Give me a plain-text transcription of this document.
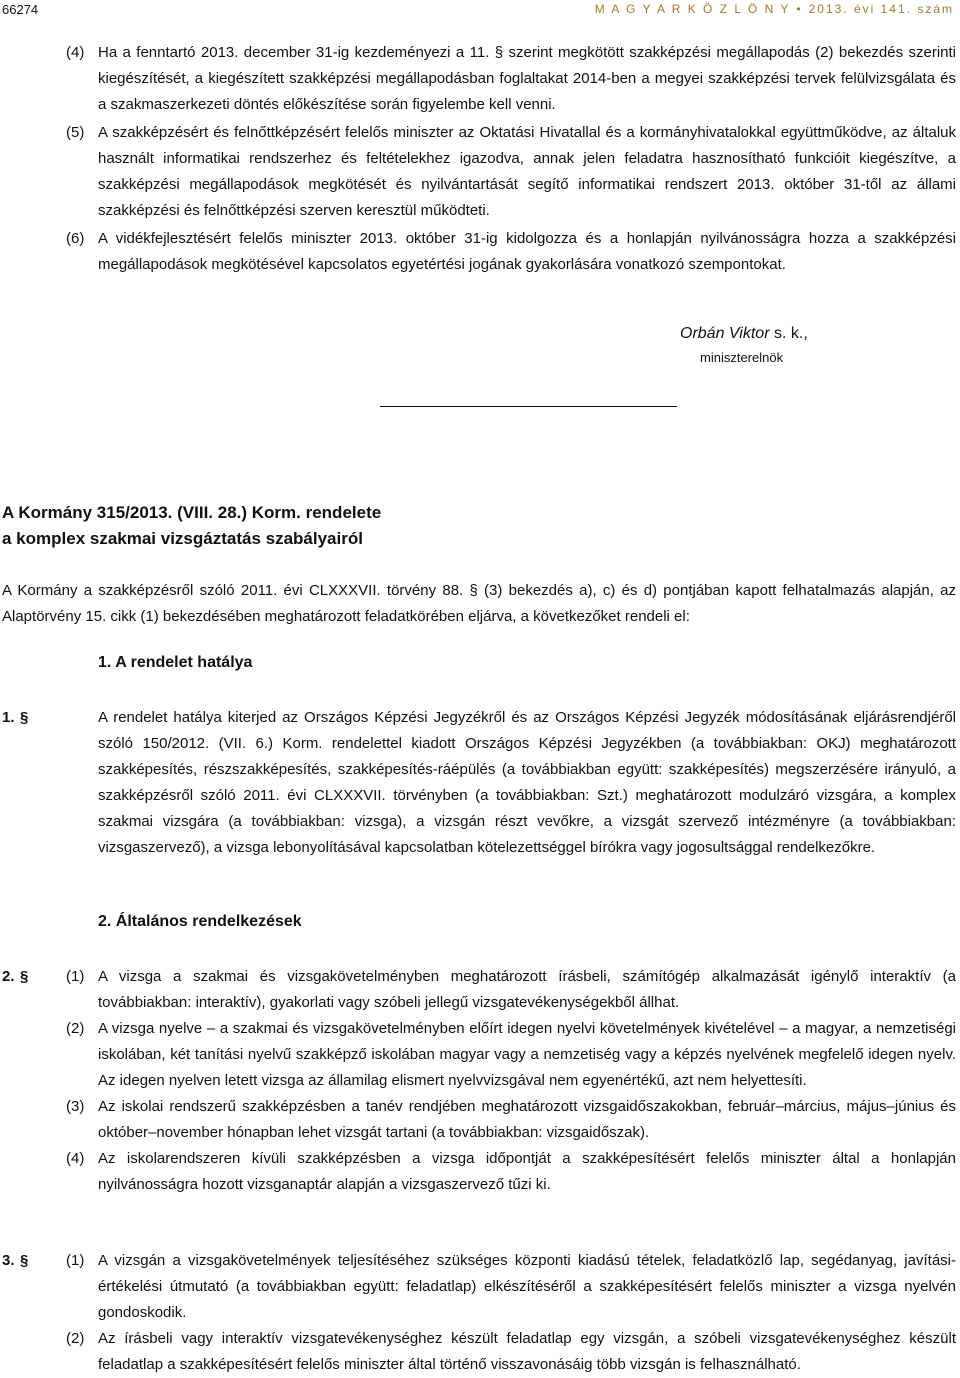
66274	M A G Y A R K Ö Z L Ö N Y • 2013. évi 141. szám
(4) Ha a fenntartó 2013. december 31-ig kezdeményezi a 11. § szerint megkötött szakképzési megállapodás (2) bekezdés szerinti kiegészítését, a kiegészített szakképzési megállapodásban foglaltakat 2014-ben a megyei szakképzési tervek felülvizsgálata és a szakmaszerkezeti döntés előkészítése során figyelembe kell venni.
(5) A szakképzésért és felnőttképzésért felelős miniszter az Oktatási Hivatallal és a kormányhivatalokkal együttműködve, az általuk használt informatikai rendszerhez és feltételekhez igazodva, annak jelen feladatra hasznosítható funkcióit kiegészítve, a szakképzési megállapodások megkötését és nyilvántartását segítő informatikai rendszert 2013. október 31-től az állami szakképzési és felnőttképzési szerven keresztül működteti.
(6) A vidékfejlesztésért felelős miniszter 2013. október 31-ig kidolgozza és a honlapján nyilvánosságra hozza a szakképzési megállapodások megkötésével kapcsolatos egyetértési jogának gyakorlására vonatkozó szempontokat.
Orbán Viktor s. k.,
miniszterelnök
A Kormány 315/2013. (VIII. 28.) Korm. rendelete
a komplex szakmai vizsgáztatás szabályairól
A Kormány a szakképzésről szóló 2011. évi CLXXXVII. törvény 88. § (3) bekezdés a), c) és d) pontjában kapott felhatalmazás alapján, az Alaptörvény 15. cikk (1) bekezdésében meghatározott feladatkörében eljárva, a következőket rendeli el:
1. A rendelet hatálya
1. §	A rendelet hatálya kiterjed az Országos Képzési Jegyzékről és az Országos Képzési Jegyzék módosításának eljárásrendjéről szóló 150/2012. (VII. 6.) Korm. rendelettel kiadott Országos Képzési Jegyzékben (a továbbiakban: OKJ) meghatározott szakképesítés, részszakképesítés, szakképesítés-ráépülés (a továbbiakban együtt: szakképesítés) megszerzésére irányuló, a szakképzésről szóló 2011. évi CLXXXVII. törvényben (a továbbiakban: Szt.) meghatározott modulzáró vizsgára, a komplex szakmai vizsgára (a továbbiakban: vizsga), a vizsgán részt vevőkre, a vizsgát szervező intézményre (a továbbiakban: vizsgaszervező), a vizsga lebonyolításával kapcsolatban kötelezettséggel bírókra vagy jogosultsággal rendelkezőkre.
2. Általános rendelkezések
2. §	(1) A vizsga a szakmai és vizsgakövetelményben meghatározott írásbeli, számítógép alkalmazását igénylő interaktív (a továbbiakban: interaktív), gyakorlati vagy szóbeli jellegű vizsgatevékenységekből állhat.
(2) A vizsga nyelve – a szakmai és vizsgakövetelményben előírt idegen nyelvi követelmények kivételével – a magyar, a nemzetiségi iskolában, két tanítási nyelvű szakképző iskolában magyar vagy a nemzetiség vagy a képzés nyelvének megfelelő idegen nyelv. Az idegen nyelven letett vizsga az államilag elismert nyelvvizsgával nem egyenértékű, azt nem helyettesíti.
(3) Az iskolai rendszerű szakképzésben a tanév rendjében meghatározott vizsgaidőszakokban, február–március, május–június és október–november hónapban lehet vizsgát tartani (a továbbiakban: vizsgaidőszak).
(4) Az iskolarendszeren kívüli szakképzésben a vizsga időpontját a szakképesítésért felelős miniszter által a honlapján nyilvánosságra hozott vizsganaptár alapján a vizsgaszervező tűzi ki.
3. §	(1) A vizsgán a vizsgakövetelmények teljesítéséhez szükséges központi kiadású tételek, feladatközlő lap, segédanyag, javítási-értékelési útmutató (a továbbiakban együtt: feladatlap) elkészítéséről a szakképesítésért felelős miniszter a vizsga nyelvén gondoskodik.
(2) Az írásbeli vagy interaktív vizsgatevékenységhez készült feladatlap egy vizsgán, a szóbeli vizsgatevékenységhez készült feladatlap a szakképesítésért felelős miniszter által történő visszavonásáig több vizsgán is felhasználható.
